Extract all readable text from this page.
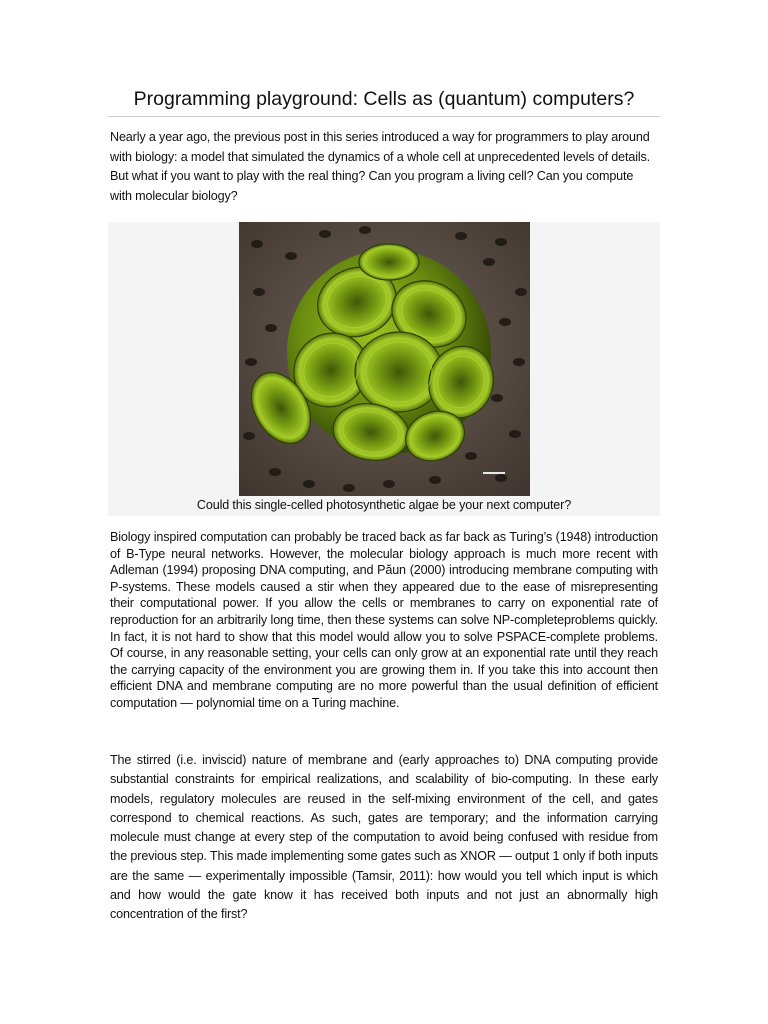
Programming playground: Cells as (quantum) computers?

Nearly a year ago, the previous post in this series introduced a way for programmers to play around with biology: a model that simulated the dynamics of a whole cell at unprecedented levels of details. But what if you want to play with the real thing? Can you program a living cell? Can you compute with molecular biology?

Could this single-celled photosynthetic algae be your next computer?

Biology inspired computation can probably be traced back as far back as Turing’s (1948) introduction of B-Type neural networks. However, the molecular biology approach is much more recent with Adleman (1994) proposing DNA computing, and Păun (2000) introducing membrane computing with P-systems. These models caused a stir when they appeared due to the ease of misrepresenting their computational power. If you allow the cells or membranes to carry on exponential rate of reproduction for an arbitrarily long time, then these systems can solve NP-completeproblems quickly. In fact, it is not hard to show that this model would allow you to solve PSPACE-complete problems. Of course, in any reasonable setting, your cells can only grow at an exponential rate until they reach the carrying capacity of the environment you are growing them in. If you take this into account then efficient DNA and membrane computing are no more powerful than the usual definition of efficient computation — polynomial time on a Turing machine.

The stirred (i.e. inviscid) nature of membrane and (early approaches to) DNA computing provide substantial constraints for empirical realizations, and scalability of bio-computing. In these early models, regulatory molecules are reused in the self-mixing environment of the cell, and gates correspond to chemical reactions. As such, gates are temporary; and the information carrying molecule must change at every step of the computation to avoid being confused with residue from the previous step. This made implementing some gates such as XNOR — output 1 only if both inputs are the same — experimentally impossible (Tamsir, 2011): how would you tell which input is which and how would the gate know it has received both inputs and not just an abnormally high concentration of the first?
